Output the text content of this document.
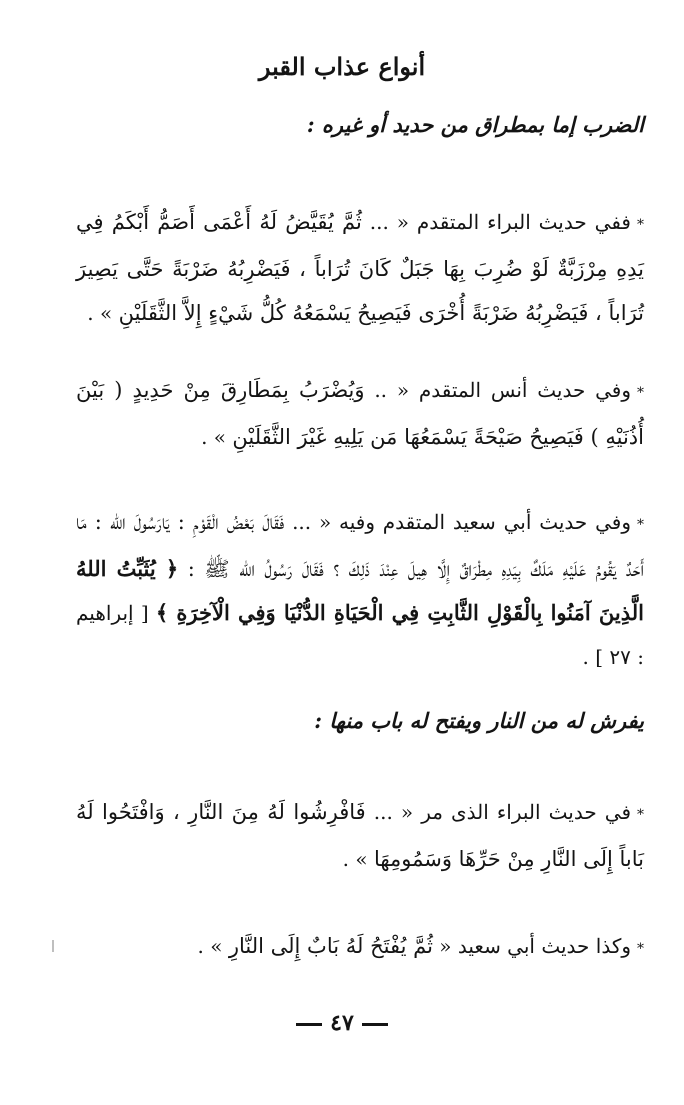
أنواع عذاب القبر
الضرب إما بمطراق من حديد أو غيره :
*ففي حديث البراء المتقدم « ... ثُمَّ يُقَيَّضُ لَهُ أَعْمَى أَصَمُّ أَبْكَمُ فِي يَدِهِ مِرْزَبَّةٌ لَوْ ضُرِبَ بِهَا جَبَلٌ كَانَ تُرَاباً ، فَيَضْرِبُهُ ضَرْبَةً حَتَّى يَصِيرَ تُرَاباً ، فَيَضْرِبُهُ ضَرْبَةً أُخْرَى فَيَصِيحُ يَسْمَعُهُ كُلُّ شَيْءٍ إِلاَّ الثَّقَلَيْنِ » .
*وفي حديث أنس المتقدم « .. وَيُضْرَبُ بِمَطَارِقَ مِنْ حَدِيدٍ ( بَيْنَ أُذُنَيْهِ ) فَيَصِيحُ صَيْحَةً يَسْمَعُهَا مَن يَلِيهِ غَيْرَ الثَّقَلَيْنِ » .
*وفي حديث أبي سعيد المتقدم وفيه « ... فَقَالَ بَعْضُ الْقَوْمِ : يَارَسُولَ الله : مَا أَحَدٌ يَقُومُ عَلَيْهِ مَلَكٌ بِيَدِهِ مِطْرَاقٌ إِلَّا هِيلَ عِنْدَ ذَلِكَ ؟ فَقَالَ رَسُولُ الله ﷺ : ﴿ يُثَبِّتُ اللهُ الَّذِينَ آمَنُوا بِالْقَوْلِ الثَّابِتِ فِي الْحَيَاةِ الدُّنْيَا وَفِي الْآخِرَةِ ﴾ [ إبراهيم : ٢٧ ] .
يفرش له من النار ويفتح له باب منها :
*في حديث البراء الذى مر « ... فَافْرِشُوا لَهُ مِنَ النَّارِ ، وَافْتَحُوا لَهُ بَاباً إِلَى النَّارِ مِنْ حَرِّهَا وَسَمُومِهَا » .
*وكذا حديث أبي سعيد « ثُمَّ يُفْتَحُ لَهُ بَابٌ إِلَى النَّارِ » .
٤٧
